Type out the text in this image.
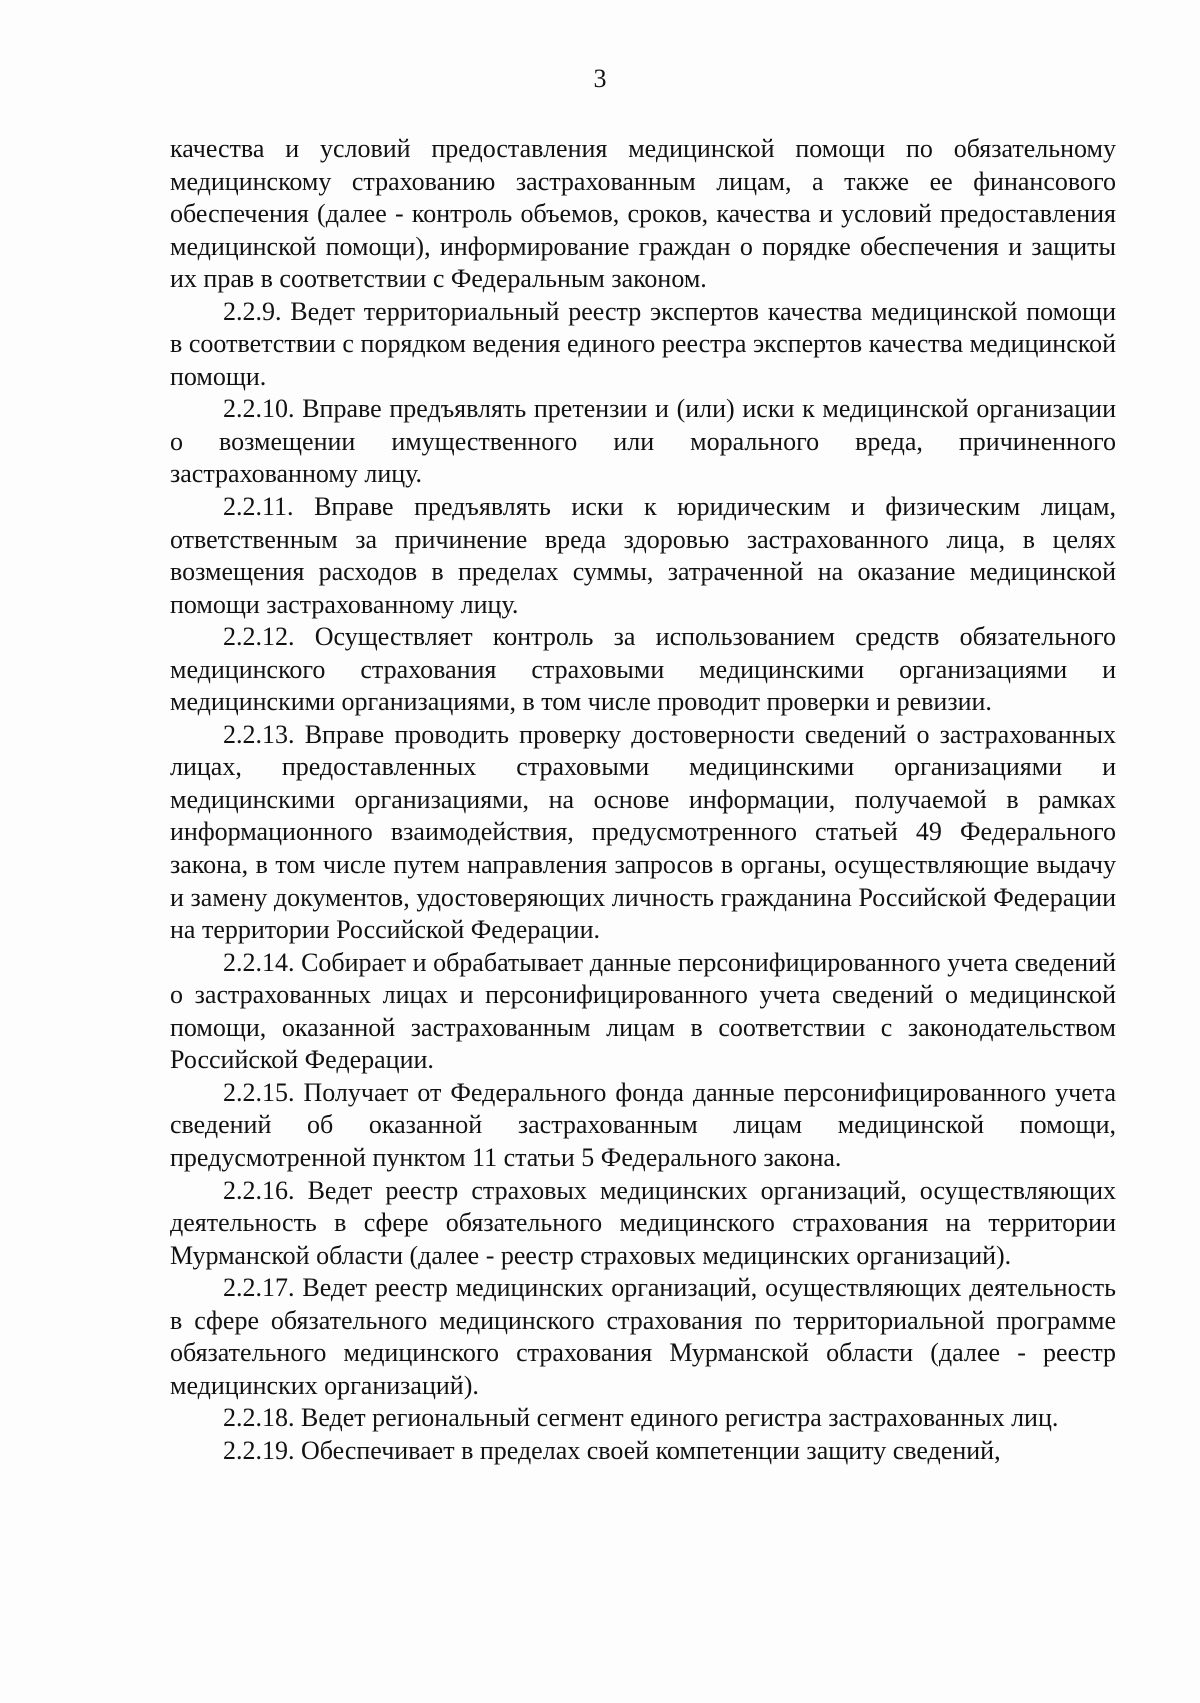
3

качества и условий предоставления медицинской помощи по обязательному медицинскому страхованию застрахованным лицам, а также ее финансового обеспечения (далее - контроль объемов, сроков, качества и условий предоставления медицинской помощи), информирование граждан о порядке обеспечения и защиты их прав в соответствии с Федеральным законом.

2.2.9. Ведет территориальный реестр экспертов качества медицинской помощи в соответствии с порядком ведения единого реестра экспертов качества медицинской помощи.

2.2.10. Вправе предъявлять претензии и (или) иски к медицинской организации о возмещении имущественного или морального вреда, причиненного застрахованному лицу.

2.2.11. Вправе предъявлять иски к юридическим и физическим лицам, ответственным за причинение вреда здоровью застрахованного лица, в целях возмещения расходов в пределах суммы, затраченной на оказание медицинской помощи застрахованному лицу.

2.2.12. Осуществляет контроль за использованием средств обязательного медицинского страхования страховыми медицинскими организациями и медицинскими организациями, в том числе проводит проверки и ревизии.

2.2.13. Вправе проводить проверку достоверности сведений о застрахованных лицах, предоставленных страховыми медицинскими организациями и медицинскими организациями, на основе информации, получаемой в рамках информационного взаимодействия, предусмотренного статьей 49 Федерального закона, в том числе путем направления запросов в органы, осуществляющие выдачу и замену документов, удостоверяющих личность гражданина Российской Федерации на территории Российской Федерации.

2.2.14. Собирает и обрабатывает данные персонифицированного учета сведений о застрахованных лицах и персонифицированного учета сведений о медицинской помощи, оказанной застрахованным лицам в соответствии с законодательством Российской Федерации.

2.2.15. Получает от Федерального фонда данные персонифицированного учета сведений об оказанной застрахованным лицам медицинской помощи, предусмотренной пунктом 11 статьи 5 Федерального закона.

2.2.16. Ведет реестр страховых медицинских организаций, осуществляющих деятельность в сфере обязательного медицинского страхования на территории Мурманской области (далее - реестр страховых медицинских организаций).

2.2.17. Ведет реестр медицинских организаций, осуществляющих деятельность в сфере обязательного медицинского страхования по территориальной программе обязательного медицинского страхования Мурманской области (далее - реестр медицинских организаций).

2.2.18. Ведет региональный сегмент единого регистра застрахованных лиц.

2.2.19. Обеспечивает в пределах своей компетенции защиту сведений,
